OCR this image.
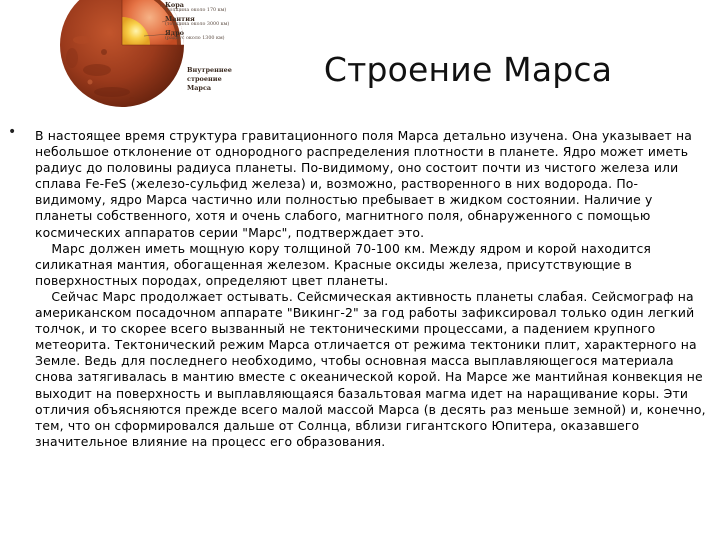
Кора
(толщина около 170 км)
Мантия
(толщина около 3000 км)
Ядро
(радиус около 1300 км)
Внутреннее строение Марса	Строение Марса
• В настоящее время структура гравитационного поля Марса детально изучена. Она указывает на небольшое отклонение от однородного распределения плотности в планете. Ядро может иметь радиус до половины радиуса планеты. По-видимому, оно состоит почти из чистого железа или сплава Fe-FeS (железо-сульфид железа) и, возможно, растворенного в них водорода. По-видимому, ядро Марса частично или полностью пребывает в жидком состоянии. Наличие у планеты собственного, хотя и очень слабого, магнитного поля, обнаруженного с помощью космических аппаратов серии "Марс", подтверждает это.

Марс должен иметь мощную кору толщиной 70-100 км. Между ядром и корой находится силикатная мантия, обогащенная железом. Красные оксиды железа, присутствующие в поверхностных породах, определяют цвет планеты.

Сейчас Марс продолжает остывать. Сейсмическая активность планеты слабая. Сейсмограф на американском посадочном аппарате "Викинг-2" за год работы зафиксировал только один легкий толчок, и то скорее всего вызванный не тектоническими процессами, а падением крупного метеорита. Тектонический режим Марса отличается от режима тектоники плит, характерного на Земле. Ведь для последнего необходимо, чтобы основная масса выплавляющегося материала снова затягивалась в мантию вместе с океанической корой. На Марсе же мантийная конвекция не выходит на поверхность и выплавляющаяся базальтовая магма идет на наращивание коры. Эти отличия объясняются прежде всего малой массой Марса (в десять раз меньше земной) и, конечно, тем, что он сформировался дальше от Солнца, вблизи гигантского Юпитера, оказавшего значительное влияние на процесс его образования.
